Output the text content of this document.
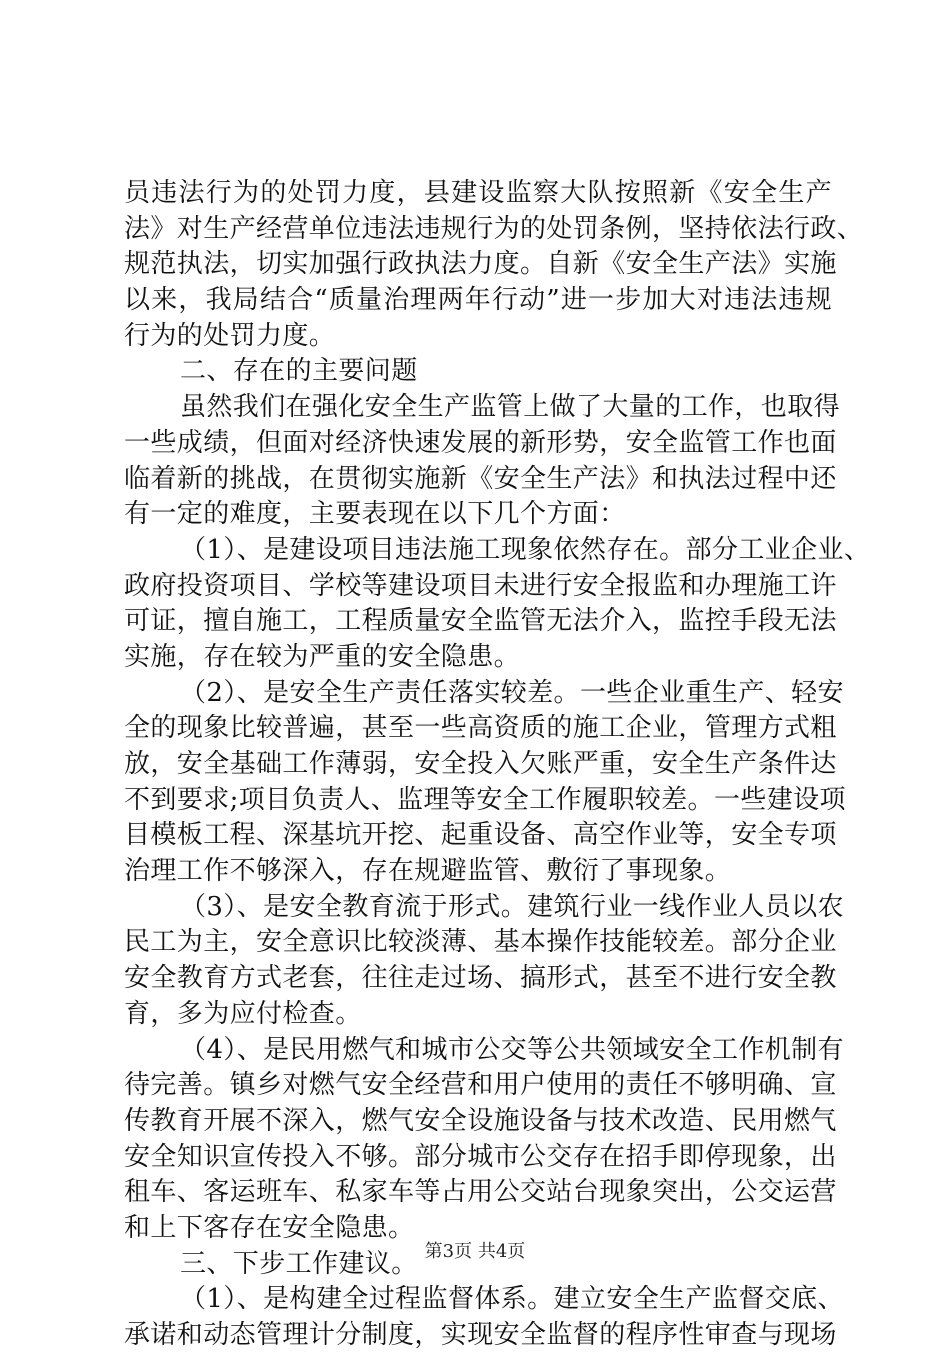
员违法行为的处罚力度，县建设监察大队按照新《安全生产
法》对生产经营单位违法违规行为的处罚条例，坚持依法行政、
规范执法，切实加强行政执法力度。自新《安全生产法》实施
以来，我局结合“质量治理两年行动”进一步加大对违法违规
行为的处罚力度。
二、存在的主要问题
虽然我们在强化安全生产监管上做了大量的工作，也取得
一些成绩，但面对经济快速发展的新形势，安全监管工作也面
临着新的挑战，在贯彻实施新《安全生产法》和执法过程中还
有一定的难度，主要表现在以下几个方面：
（1）、是建设项目违法施工现象依然存在。部分工业企业、
政府投资项目、学校等建设项目未进行安全报监和办理施工许
可证，擅自施工，工程质量安全监管无法介入，监控手段无法
实施，存在较为严重的安全隐患。
（2）、是安全生产责任落实较差。一些企业重生产、轻安
全的现象比较普遍，甚至一些高资质的施工企业，管理方式粗
放，安全基础工作薄弱，安全投入欠账严重，安全生产条件达
不到要求;项目负责人、监理等安全工作履职较差。一些建设项
目模板工程、深基坑开挖、起重设备、高空作业等，安全专项
治理工作不够深入，存在规避监管、敷衍了事现象。
（3）、是安全教育流于形式。建筑行业一线作业人员以农
民工为主，安全意识比较淡薄、基本操作技能较差。部分企业
安全教育方式老套，往往走过场、搞形式，甚至不进行安全教
育，多为应付检查。
（4）、是民用燃气和城市公交等公共领域安全工作机制有
待完善。镇乡对燃气安全经营和用户使用的责任不够明确、宣
传教育开展不深入，燃气安全设施设备与技术改造、民用燃气
安全知识宣传投入不够。部分城市公交存在招手即停现象，出
租车、客运班车、私家车等占用公交站台现象突出，公交运营
和上下客存在安全隐患。
三、下步工作建议。
（1）、是构建全过程监督体系。建立安全生产监督交底、
承诺和动态管理计分制度，实现安全监督的程序性审查与现场
第3页 共4页
